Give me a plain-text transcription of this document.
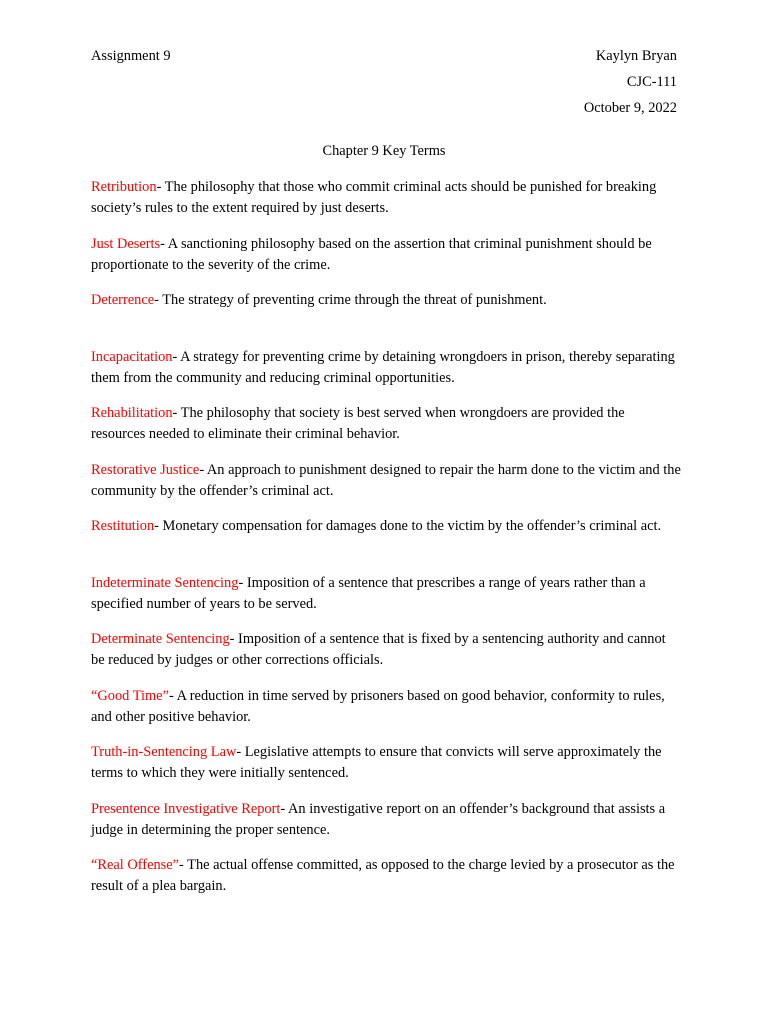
Assignment 9	Kaylyn Bryan
CJC-111
October 9, 2022
Chapter 9 Key Terms

Retribution- The philosophy that those who commit criminal acts should be punished for breaking society’s rules to the extent required by just deserts.

Just Deserts- A sanctioning philosophy based on the assertion that criminal punishment should be proportionate to the severity of the crime.

Deterrence- The strategy of preventing crime through the threat of punishment.

Incapacitation- A strategy for preventing crime by detaining wrongdoers in prison, thereby separating them from the community and reducing criminal opportunities.

Rehabilitation- The philosophy that society is best served when wrongdoers are provided the resources needed to eliminate their criminal behavior.

Restorative Justice- An approach to punishment designed to repair the harm done to the victim and the community by the offender’s criminal act.

Restitution- Monetary compensation for damages done to the victim by the offender’s criminal act.

Indeterminate Sentencing- Imposition of a sentence that prescribes a range of years rather than a specified number of years to be served.

Determinate Sentencing- Imposition of a sentence that is fixed by a sentencing authority and cannot be reduced by judges or other corrections officials.

“Good Time”- A reduction in time served by prisoners based on good behavior, conformity to rules, and other positive behavior.

Truth-in-Sentencing Law- Legislative attempts to ensure that convicts will serve approximately the terms to which they were initially sentenced.

Presentence Investigative Report- An investigative report on an offender’s background that assists a judge in determining the proper sentence.

“Real Offense”- The actual offense committed, as opposed to the charge levied by a prosecutor as the result of a plea bargain.
